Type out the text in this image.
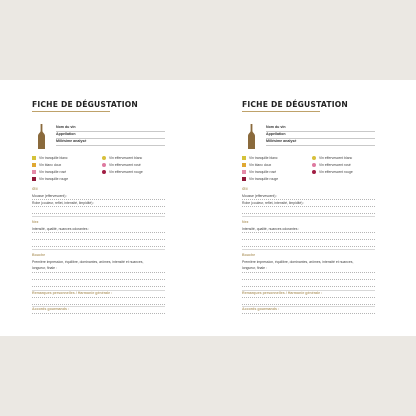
FICHE DE DÉGUSTATION
Nom du vin
Appellation
Millésime analysé
Vin tranquille blanc
Vin blanc doux
Vin tranquille rosé
Vin tranquille rouge
Vin effervescent blanc
Vin effervescent rosé
Vin effervescent rouge
Œil
Mousse (effervescent) :
Robe (couleur, reflet, intensité, limpidité) :
Nez
Intensité, qualité, nuances odorantes :
Bouche
Première impression, équilibre, dominantes, arômes, intensité et nuances,
longueur, finale :
Remarques personnelles / Harmonie générale :
Accords gourmands :
FICHE DE DÉGUSTATION
Nom du vin
Appellation
Millésime analysé
Vin tranquille blanc
Vin blanc doux
Vin tranquille rosé
Vin tranquille rouge
Vin effervescent blanc
Vin effervescent rosé
Vin effervescent rouge
Œil
Mousse (effervescent) :
Robe (couleur, reflet, intensité, limpidité) :
Nez
Intensité, qualité, nuances odorantes :
Bouche
Première impression, équilibre, dominantes, arômes, intensité et nuances,
longueur, finale :
Remarques personnelles / Harmonie générale :
Accords gourmands :
